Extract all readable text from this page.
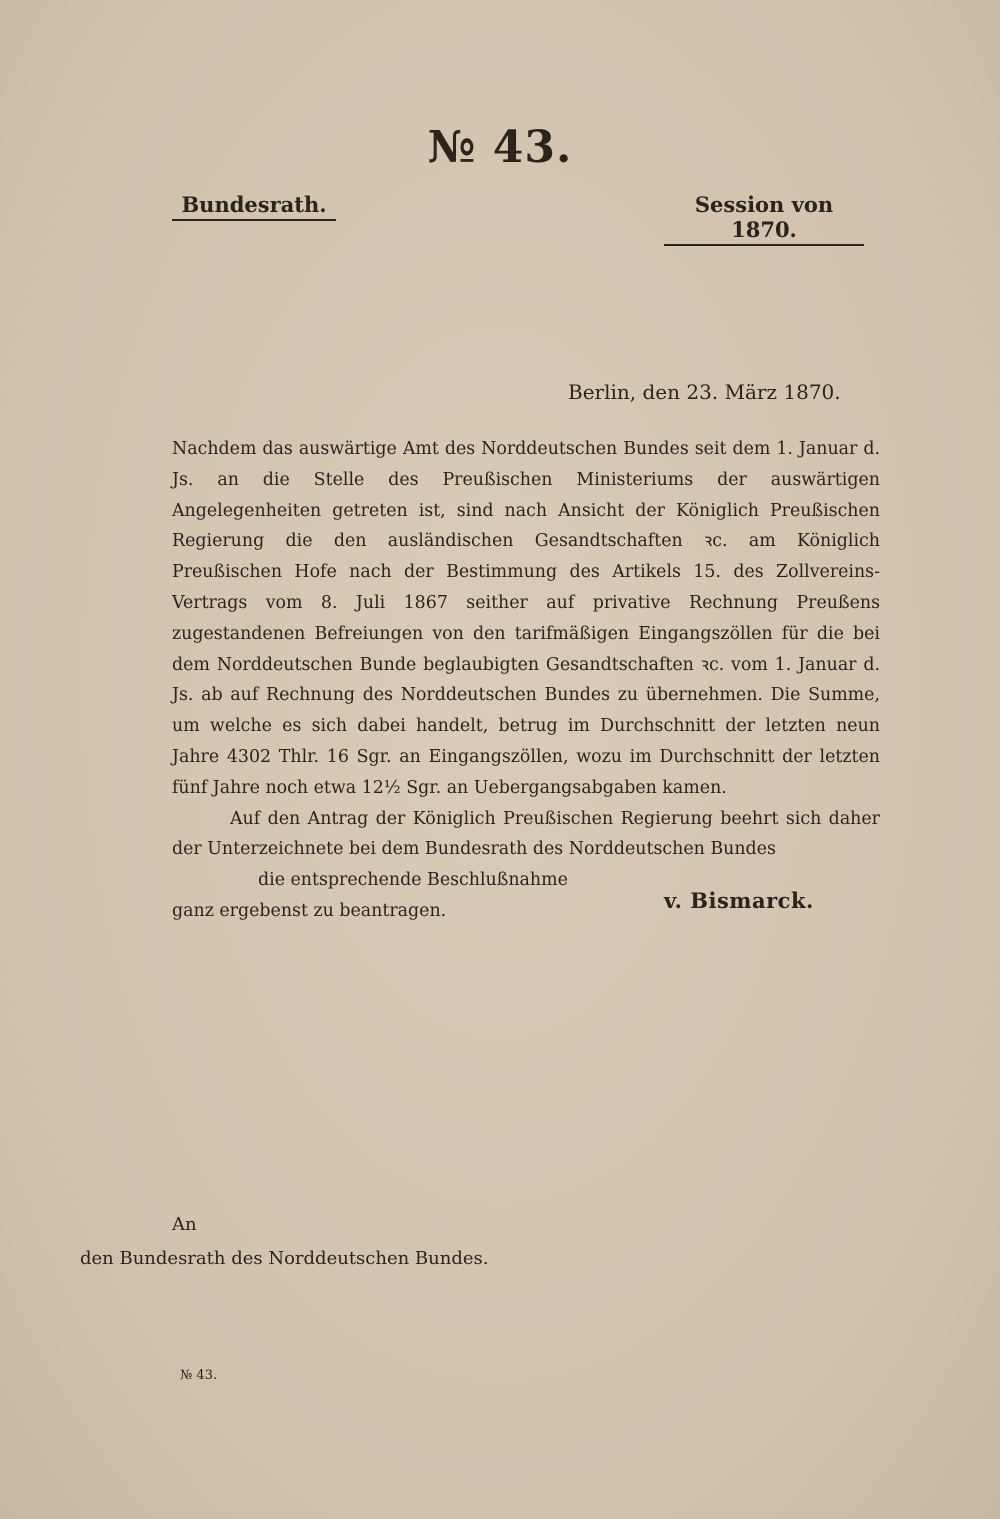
№ 43.
Bundesrath.	Session von 1870.
Berlin, den 23. März 1870.

Nachdem das auswärtige Amt des Norddeutschen Bundes seit dem 1. Januar d. Js. an die Stelle des Preußischen Ministeriums der auswärtigen Angelegenheiten getreten ist, sind nach Ansicht der Königlich Preußischen Regierung die den ausländischen Gesandtschaften ꝛc. am Königlich Preußischen Hofe nach der Bestimmung des Artikels 15. des Zollvereins-Vertrags vom 8. Juli 1867 seither auf privative Rechnung Preußens zugestandenen Befreiungen von den tarifmäßigen Eingangszöllen für die bei dem Norddeutschen Bunde beglaubigten Gesandtschaften ꝛc. vom 1. Januar d. Js. ab auf Rechnung des Norddeutschen Bundes zu übernehmen. Die Summe, um welche es sich dabei handelt, betrug im Durchschnitt der letzten neun Jahre 4302 Thlr. 16 Sgr. an Eingangszöllen, wozu im Durchschnitt der letzten fünf Jahre noch etwa 12½ Sgr. an Uebergangsabgaben kamen.

Auf den Antrag der Königlich Preußischen Regierung beehrt sich daher der Unterzeichnete bei dem Bundesrath des Norddeutschen Bundes

die entsprechende Beschlußnahme

ganz ergebenst zu beantragen.	v. Bismarck.
An
den Bundesrath des Norddeutschen Bundes.
№ 43.
